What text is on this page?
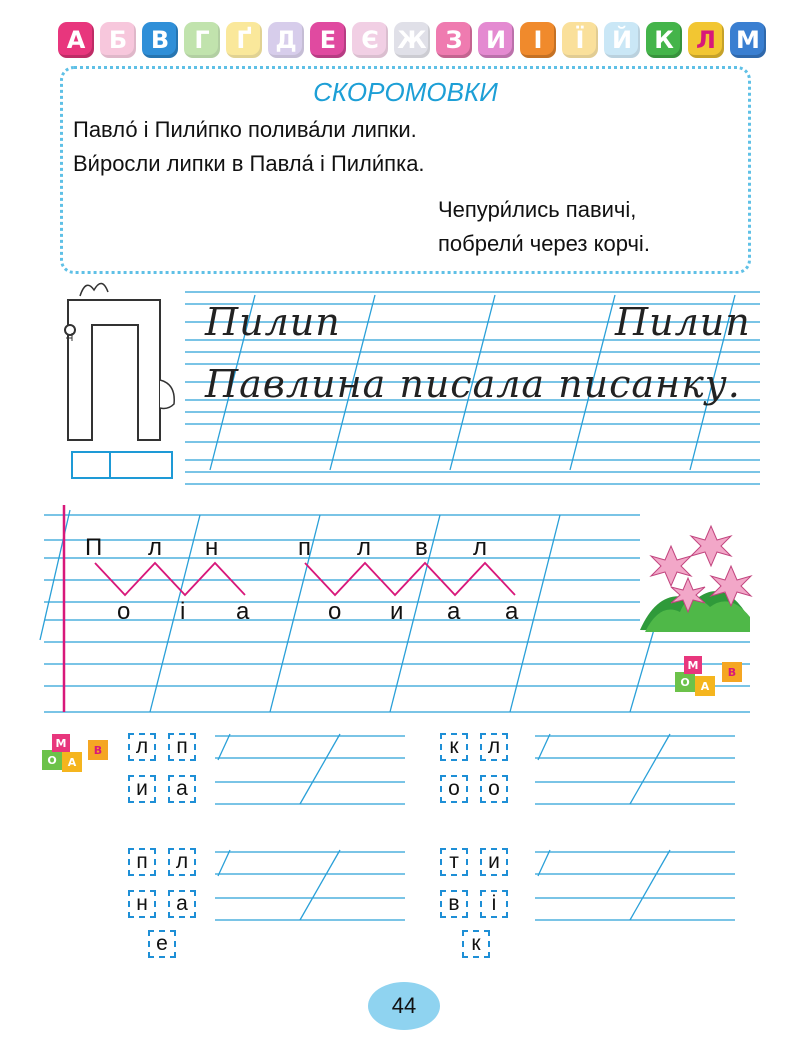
А Б В	Г	Ґ Д Е	Є Ж З И	І	Ї	Й К Л М
СКОРОМОВКИ
Павло́ і Пили́пко полива́ли липки.
Ви́росли липки в Павла́ і Пили́пка.
Чепури́лись павичі,
побрели́ через корчі.
О А
М
В
О А
М
В
Пилип	Пилип
Павлина писала писанку.
П л н
о і а
п л в л
о и а а
л	п
и	а
к	л
о	о
п	л
н	а
е
т	и
в	і
к
44
